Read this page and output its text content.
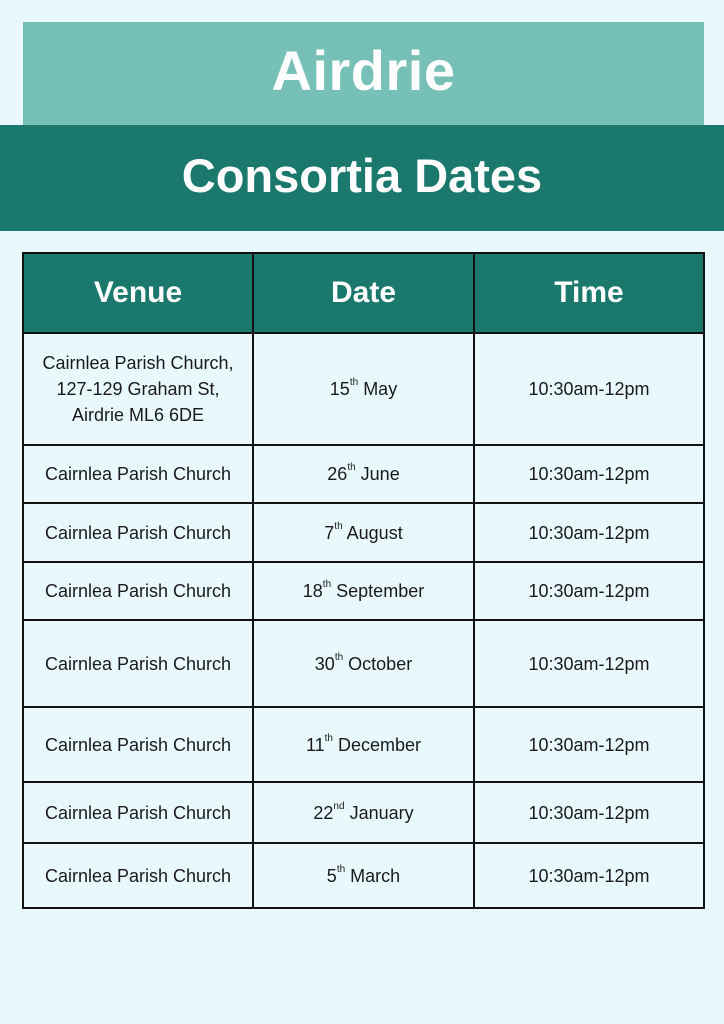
Airdrie
Consortia Dates
Venue	Date	Time

Cairnlea Parish Church,
127-129 Graham St,
Airdrie ML6 6DE	15th May	10:30am-12pm

Cairnlea Parish Church	26th June	10:30am-12pm

Cairnlea Parish Church	7th August	10:30am-12pm

Cairnlea Parish Church	18th September	10:30am-12pm

Cairnlea Parish Church	30th October	10:30am-12pm

Cairnlea Parish Church	11th December	10:30am-12pm

Cairnlea Parish Church	22nd January	10:30am-12pm

Cairnlea Parish Church	5th March	10:30am-12pm
